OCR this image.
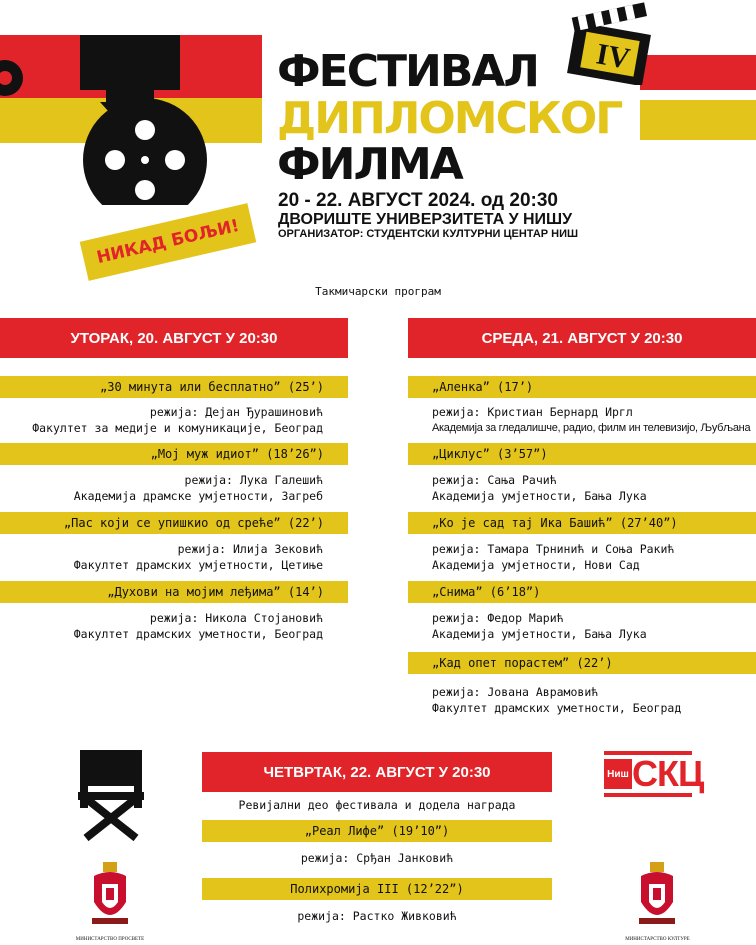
IV
ФЕСТИВАЛ
ДИПЛОМСКОГ
ФИЛМА
20 - 22. АВГУСТ 2024. од 20:30
ДВОРИШТЕ УНИВЕРЗИТЕТА У НИШУ
ОРГАНИЗАТОР: СТУДЕНТСКИ КУЛТУРНИ ЦЕНТАР НИШ
НИКАД БОЉИ!
Такмичарски програм
УТОРАК, 20. АВГУСТ У 20:30
„30 минута или бесплатно” (25’)
режија: Дејан Ђурашиновић
Факултет за медије и комуникације, Београд
„Мој муж идиот” (18’26”)
режија: Лука Галешић
Академија драмске умјетности, Загреб
„Пас који се упишкио од среће” (22’)
режија: Илија Зековић
Факултет драмских умјетности, Цетиње
„Духови на мојим леђима” (14’)
режија: Никола Стојановић
Факултет драмских уметности, Београд
СРЕДА, 21. АВГУСТ У 20:30
„Аленка” (17’)
режија: Кристиан Бернард Иргл
Академија за гледалишче, радио, филм ин телевизијо, Љубљана
„Циклус” (3’57”)
режија: Сања Рачић
Академија умјетности, Бања Лука
„Ко је сад тај Ика Башић” (27’40”)
режија: Тамара Трнинић и Соња Ракић
Академија умјетности, Нови Сад
„Снима” (6’18”)
режија: Федор Марић
Академија умјетности, Бања Лука
„Кад опет порастем” (22’)
режија: Јована Аврамовић
Факултет драмских уметности, Београд
ЧЕТВРТАК, 22. АВГУСТ У 20:30
Ревијални део фестивала и додела награда
„Реал Лифе” (19’10”)
режија: Срђан Јанковић
Полихромија III (12’22”)
режија: Растко Живковић
Ниш СКЦ
МИНИСТАРСТВО ПРОСВЕТЕ	МИНИСТАРСТВО КУЛТУРЕ
